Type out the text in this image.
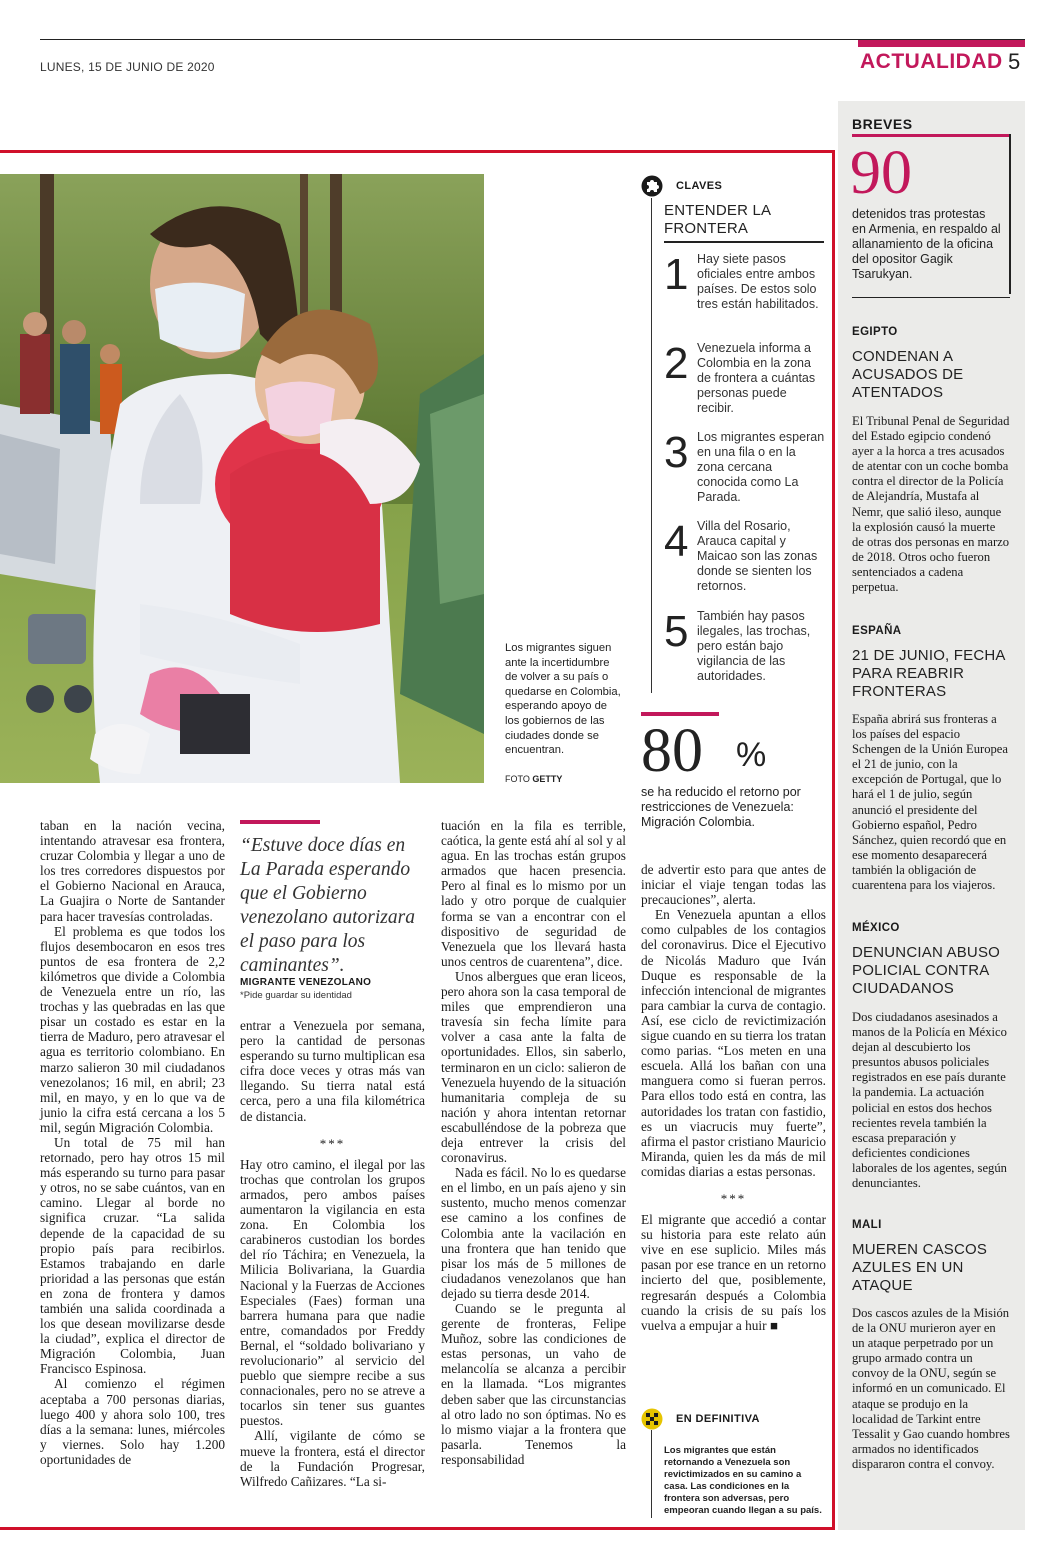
LUNES, 15 DE JUNIO DE 2020	ACTUALIDAD 5
Los migrantes siguen ante la incertidumbre de volver a su país o quedarse en Colombia, esperando apoyo de los gobiernos de las ciudades donde se encuentran.
FOTO GETTY
CLAVES
ENTENDER LA FRONTERA
1 Hay siete pasos oficiales entre ambos países. De estos solo tres están habilitados.
2 Venezuela informa a Colombia en la zona de frontera a cuántas personas puede recibir.
3 Los migrantes esperan en una fila o en la zona cercana conocida como La Parada.
4 Villa del Rosario, Arauca capital y Maicao son las zonas donde se sienten los retornos.
5 También hay pasos ilegales, las trochas, pero están bajo vigilancia de las autoridades.
80 %
se ha reducido el retorno por restricciones de Venezuela: Migración Colombia.

taban en la nación vecina, intentando atravesar esa frontera, cruzar Colombia y llegar a uno de los tres corredores dispuestos por el Gobierno Nacional en Arauca, La Guajira o Norte de Santander para hacer travesías controladas.

El problema es que todos los flujos desembocaron en esos tres puntos de esa frontera de 2,2 kilómetros que divide a Colombia de Venezuela entre un río, las trochas y las quebradas en las que pisar un costado es estar en la tierra de Maduro, pero atravesar el agua es territorio colombiano. En marzo salieron 30 mil ciudadanos venezolanos; 16 mil, en abril; 23 mil, en mayo, y en lo que va de junio la cifra está cercana a los 5 mil, según Migración Colombia.

Un total de 75 mil han retornado, pero hay otros 15 mil más esperando su turno para pasar y otros, no se sabe cuántos, van en camino. Llegar al borde no significa cruzar. “La salida depende de la capacidad de su propio país para recibirlos. Estamos trabajando en darle prioridad a las personas que están en zona de frontera y damos también una salida coordinada a los que desean movilizarse desde la ciudad”, explica el director de Migración Colombia, Juan Francisco Espinosa.

Al comienzo el régimen aceptaba a 700 personas diarias, luego 400 y ahora solo 100, tres días a la semana: lunes, miércoles y viernes. Solo hay 1.200 oportunidades de

“Estuve doce días en La Parada esperando que el Gobierno venezolano autorizara el paso para los caminantes”.
MIGRANTE VENEZOLANO
*Pide guardar su identidad

entrar a Venezuela por semana, pero la cantidad de personas esperando su turno multiplican esa cifra doce veces y otras más van llegando. Su tierra natal está cerca, pero a una fila kilométrica de distancia.

***

Hay otro camino, el ilegal por las trochas que controlan los grupos armados, pero ambos países aumentaron la vigilancia en esta zona. En Colombia los carabineros custodian los bordes del río Táchira; en Venezuela, la Milicia Bolivariana, la Guardia Nacional y la Fuerzas de Acciones Especiales (Faes) forman una barrera humana para que nadie entre, comandados por Freddy Bernal, el “soldado bolivariano y revolucionario” al servicio del pueblo que siempre recibe a sus connacionales, pero no se atreve a tocarlos sin tener sus guantes puestos.

Allí, vigilante de cómo se mueve la frontera, está el director de la Fundación Progresar, Wilfredo Cañizares. “La si-

tuación en la fila es terrible, caótica, la gente está ahí al sol y al agua. En las trochas están grupos armados que hacen presencia. Pero al final es lo mismo por un lado y otro porque de cualquier forma se van a encontrar con el dispositivo de seguridad de Venezuela que los llevará hasta unos centros de cuarentena”, dice.

Unos albergues que eran liceos, pero ahora son la casa temporal de miles que emprendieron una travesía sin fecha límite para volver a casa ante la falta de oportunidades. Ellos, sin saberlo, terminaron en un ciclo: salieron de Venezuela huyendo de la situación humanitaria compleja de su nación y ahora intentan retornar escabulléndose de la pobreza que deja entrever la crisis del coronavirus.

Nada es fácil. No lo es quedarse en el limbo, en un país ajeno y sin sustento, mucho menos comenzar ese camino a los confines de Colombia ante la vacilación en una frontera que han tenido que pisar los más de 5 millones de ciudadanos venezolanos que han dejado su tierra desde 2014.

Cuando se le pregunta al gerente de fronteras, Felipe Muñoz, sobre las condiciones de estas personas, un vaho de melancolía se alcanza a percibir en la llamada. “Los migrantes deben saber que las circunstancias al otro lado no son óptimas. No es lo mismo viajar a la frontera que pasarla. Tenemos la responsabilidad

de advertir esto para que antes de iniciar el viaje tengan todas las precauciones”, alerta.

En Venezuela apuntan a ellos como culpables de los contagios del coronavirus. Dice el Ejecutivo de Nicolás Maduro que Iván Duque es responsable de la infección intencional de migrantes para cambiar la curva de contagio. Así, ese ciclo de revictimización sigue cuando en su tierra los tratan como parias. “Los meten en una escuela. Allá los bañan con una manguera como si fueran perros. Para ellos todo está en contra, las autoridades los tratan con fastidio, es un viacrucis muy fuerte”, afirma el pastor cristiano Mauricio Miranda, quien les da más de mil comidas diarias a estas personas.

***

El migrante que accedió a contar su historia para este relato aún vive en ese suplicio. Miles más pasan por ese trance en un retorno incierto del que, posiblemente, regresarán después a Colombia cuando la crisis de su país los vuelva a empujar a huir ■

EN DEFINITIVA
Los migrantes que están retornando a Venezuela son revictimizados en su camino a casa. Las condiciones en la frontera son adversas, pero empeoran cuando llegan a su país.
BREVES
90
detenidos tras protestas en Armenia, en respaldo al allanamiento de la oficina del opositor Gagik Tsarukyan.
EGIPTO
CONDENAN A ACUSADOS DE ATENTADOS
El Tribunal Penal de Seguridad del Estado egipcio condenó ayer a la horca a tres acusados de atentar con un coche bomba contra el director de la Policía de Alejandría, Mustafa al Nemr, que salió ileso, aunque la explosión causó la muerte de otras dos personas en marzo de 2018. Otros ocho fueron sentenciados a cadena perpetua.
ESPAÑA
21 DE JUNIO, FECHA PARA REABRIR FRONTERAS
España abrirá sus fronteras a los países del espacio Schengen de la Unión Europea el 21 de junio, con la excepción de Portugal, que lo hará el 1 de julio, según anunció el presidente del Gobierno español, Pedro Sánchez, quien recordó que en ese momento desaparecerá también la obligación de cuarentena para los viajeros.
MÉXICO
DENUNCIAN ABUSO POLICIAL CONTRA CIUDADANOS
Dos ciudadanos asesinados a manos de la Policía en México dejan al descubierto los presuntos abusos policiales registrados en ese país durante la pandemia. La actuación policial en estos dos hechos recientes revela también la escasa preparación y deficientes condiciones laborales de los agentes, según denunciantes.
MALI
MUEREN CASCOS AZULES EN UN ATAQUE
Dos cascos azules de la Misión de la ONU murieron ayer en un ataque perpetrado por un grupo armado contra un convoy de la ONU, según se informó en un comunicado. El ataque se produjo en la localidad de Tarkint entre Tessalit y Gao cuando hombres armados no identificados dispararon contra el convoy.
